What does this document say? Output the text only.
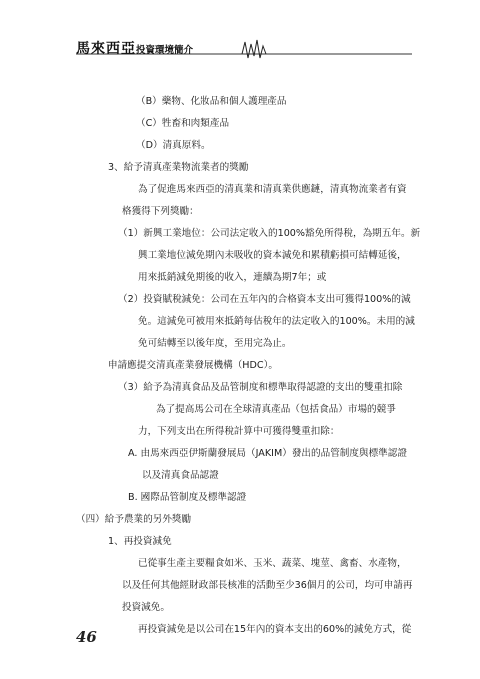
馬來西亞投資環境簡介
（B）藥物、化妝品和個人護理產品
（C）牲畜和肉類產品
（D）清真原料。
3、給予清真產業物流業者的獎勵
為了促進馬來西亞的清真業和清真業供應鏈，清真物流業者有資
格獲得下列獎勵：
（1）新興工業地位：公司法定收入的100%豁免所得稅，為期五年。新
興工業地位減免期內未吸收的資本減免和累積虧損可結轉延後，
用來抵銷減免期後的收入，連續為期7年；或
（2）投資賦稅減免：公司在五年內的合格資本支出可獲得100%的減
免。這減免可被用來抵銷每估稅年的法定收入的100%。未用的減
免可結轉至以後年度，至用完為止。
申請應提交清真產業發展機構（HDC）。
（3）給予為清真食品及品管制度和標準取得認證的支出的雙重扣除
為了提高馬公司在全球清真產品（包括食品）市場的競爭
力，下列支出在所得稅計算中可獲得雙重扣除：
A. 由馬來西亞伊斯蘭發展局（JAKIM）發出的品管制度與標準認證
以及清真食品認證
B. 國際品管制度及標準認證
（四）給予農業的另外獎勵
1、再投資減免
已從事生產主要糧食如米、玉米、蔬菜、塊莖、禽畜、水產物，
以及任何其他經財政部長核准的活動至少36個月的公司，均可申請再
投資減免。
再投資減免是以公司在15年內的資本支出的60%的減免方式，從
46
